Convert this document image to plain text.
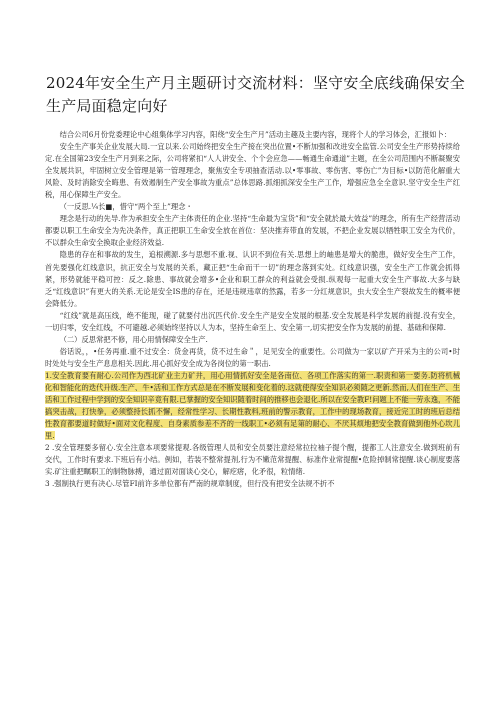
2024年安全生产月主题研讨交流材料：坚守安全底线确保安全生产局面稳定向好

结合公司6月份党委理论中心组集体学习内容，阳绕“安全生产月”活动主趣及主要内容，现将个人的学习体会，汇报如卜：

安全生产事关企业发展大局.一宜以来.公司始终把安全生产接在突出位置•不断加强和改进安全监管.公司安全生产形势持续给定.在全国第23安全生产月到来之际，公司将紧扣“人人讲安全、个个会应急——畅通生命通道”主题，在全公司范围内不断凝聚安全发展共识，牢固树立安全管理是第一管理理念，聚焦安全专项抽查活动.以•零事故、零伤害、零伤亡”为目标•以防范化解重大风险、及时消除安全晦患、有效遏制生产安全事故为重点”总体思路.抓细抓深安全生产工作，增强应急全全意识.坚守安全生产红税，用心保障生产安全。

（一反思.¼长■，惜守“两个至上”理念・

理念是行动的先导.作为承担安全生产主体责任的企业.坚持“生命最为宝货”和“安全就於最大效益”的理念，所有生产经营活动都要以职工生命安全为先决条件，真正把职工生命安全放在首位：坚决推弃带血的发展，不把企业发展以牺牲职工安全为代价，不以群众生命安全换取企业经济效益.

隐患的存在和事故的发生，追根溯源.多与思想不重.视、认识不到位有关.思想上的岫患是增大的脆患，做好安全生产工作，首先要强化红线意识，抗正安全与发展的关系，藏正把“生命而干一切”的理念落到实处。红线意识强，安全生产工作就会抓得紧，形势就能平稳可控：反之.除患、事故就会增多•企业和职工群众的利益就会受损.纵观每一起重大安全生产事故.大多与缺乏“红线意识”有更大的关系.无论是安全IS患的存在，还是违规违章的然露，若多一分红规意识，虫大安全生产裂故发生的概率便会降低分。

“红线”就是高压线，绝不能现，碰了就要付出沉匹代价.安全生产是安全发展的根基.安全发展是科学发展的前提.没有安全，一切归零，安全红线，不可避越.必须始终坚持以人为本，坚持生命至上、安全第一,切实把安全作为发展的前提、基础和保障.

（二）反思常把不修，用心用情保障安全生产.

俗话说，，•任务再重.重不过安全：货金再货，货不过生命＂，足见安全的重要性。公司做为一家以矿产开采为主的公司•时时处处与安全生产息息相关.因此.用心抓好安全成为各岗位的第一职击.

1.安全教育要有耐心.公司作为西北矿业主力矿井，用心用情抓好安全是各南位、各项工作落实的第一.职责和第一要务.防将机械化和智能化的迭代升级.生产、牛•活和工作方式总是在不断发展和变化着的.这就使得安全知识必须随之更新.然而,人们在生产、生活和工作过程中学到的安全知识辛竟有限.已掌握的安全知识随着时间的推移也会退化.所以在安全教F!问题上不能一劳永逸，不能搞突击战，打快拳，必须整持长抓不懈，经常性学习、长期性教料,班前的警示教育，工作中的现场教育，接近完工时的班后总结性教育都要道时做好•面对文化程度、自身素质参差不齐的一线职工•必须有足第的耐心、不厌其烦地把安全教育做到他外心坎儿里.

2 .安全管理要多留心.安全注意本项要常提观.各级管理人员和安全员要注意经常拉拉袖子提个醒，提都工人注意安全.做到班前有交代，工作时有要求.下班后有小结。例如，若装不整常提剂,行为不嫩范常提醒、标准作业常提醒•危险掉制常提醒.谈心制度要落实.矿注重把瞩职工的制物脉搏，通过面对面谈心交心，解疙瘩，化矛很，粒情绪.

3 .强制执行更有决心.尽管FI前许多单位都有严南的规章制度，但行没有把安全法规不折不
